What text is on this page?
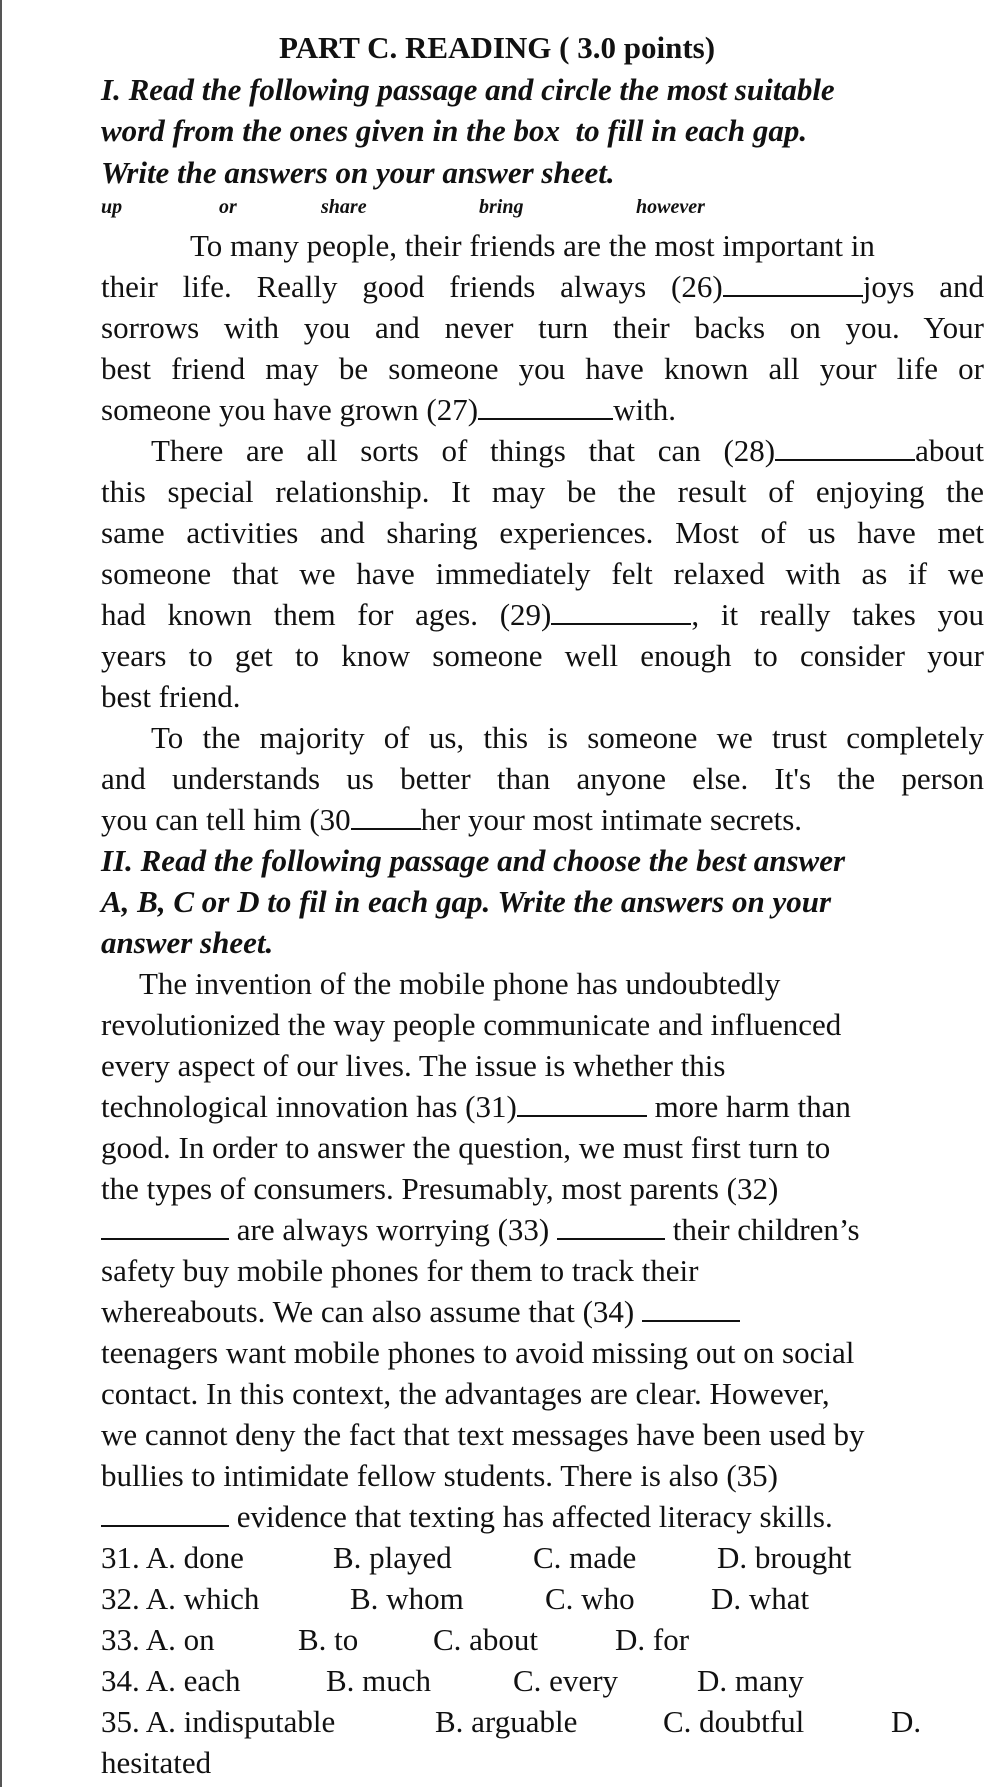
PART C. READING ( 3.0 points)
I. Read the following passage and circle the most suitable
word from the ones given in the box  to fill in each gap.
Write the answers on your answer sheet.
up	or	share	bring	however
To many people, their friends are the most important in
their life. Really good friends always (26)	joys and
sorrows with you and never turn their backs on you. Your
best friend may be someone you have known all your life or
someone you have grown (27)	with.
There are all sorts of things that can (28)	about
this special relationship. It may be the result of enjoying the
same activities and sharing experiences. Most of us have met
someone that we have immediately felt relaxed with as if we
had known them for ages. (29)	, it really takes you
years to get to know someone well enough to consider your
best friend.
To the majority of us, this is someone we trust completely
and understands us better than anyone else. It's the person
you can tell him (30 her your most intimate secrets.
II. Read the following passage and choose the best answer
A, B, C or D to fil in each gap. Write the answers on your
answer sheet.
The invention of the mobile phone has undoubtedly
revolutionized the way people communicate and influenced
every aspect of our lives. The issue is whether this
technological innovation has (31)	more harm than
good. In order to answer the question, we must first turn to
the types of consumers. Presumably, most parents (32)
are always worrying (33)	their children’s
safety buy mobile phones for them to track their
whereabouts. We can also assume that (34)
teenagers want mobile phones to avoid missing out on social
contact. In this context, the advantages are clear. However,
we cannot deny the fact that text messages have been used by
bullies to intimidate fellow students. There is also (35)
evidence that texting has affected literacy skills.
31. A. done	B. played	C. made	D. brought
32. A. which	B. whom	C. who D. what
33. A. on	B. to C. about D. for
34. A. each	B. much	C. every	D. many
35. A. indisputable	B. arguable	C. doubtful	D.
hesitated
